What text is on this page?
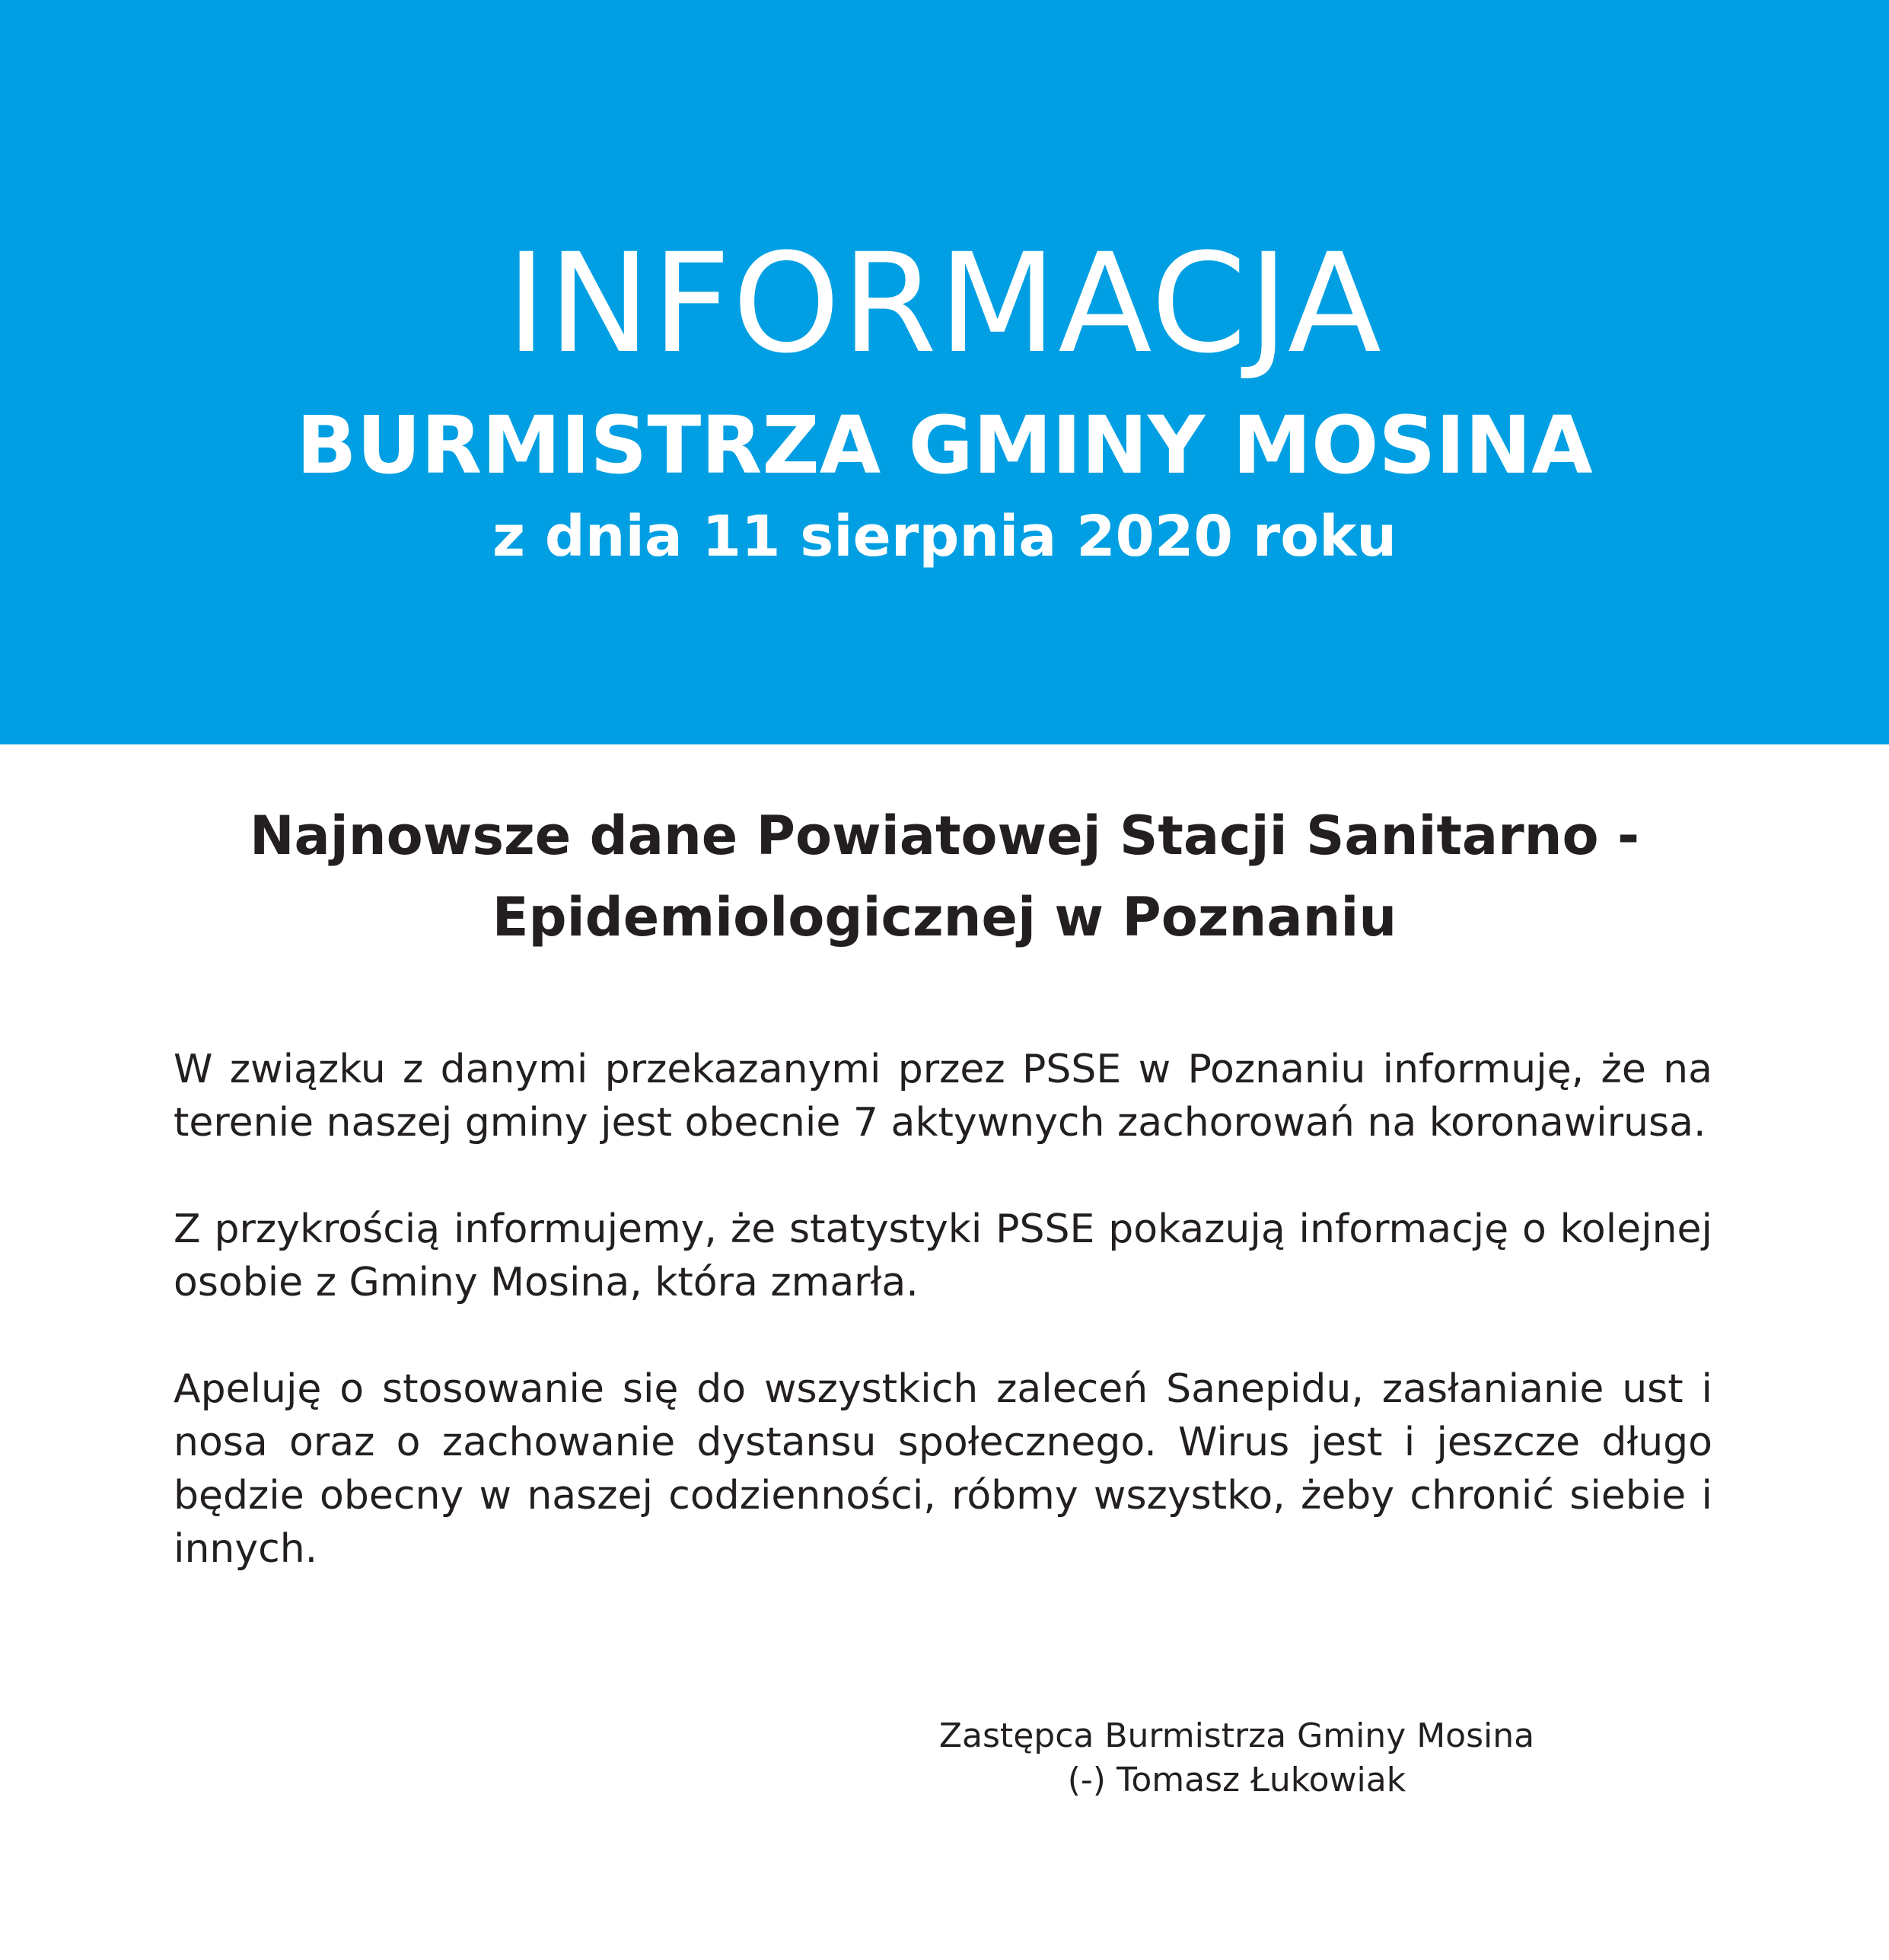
INFORMACJA
BURMISTRZA GMINY MOSINA
z dnia 11 sierpnia 2020 roku
Najnowsze dane Powiatowej Stacji Sanitarno -
Epidemiologicznej w Poznaniu

W związku z danymi przekazanymi przez PSSE w Poznaniu informuję, że na terenie naszej gminy jest obecnie 7 aktywnych zachorowań na koronawirusa.

Z przykrością informujemy, że statystyki PSSE pokazują informację o kolejnej osobie z Gminy Mosina, która zmarła.

Apeluję o stosowanie się do wszystkich zaleceń Sanepidu, zasłanianie ust i nosa oraz o zachowanie dystansu społecznego. Wirus jest i jeszcze długo będzie obecny w naszej codzienności, róbmy wszystko, żeby chronić siebie i innych.

Zastępca Burmistrza Gminy Mosina
(-) Tomasz Łukowiak
